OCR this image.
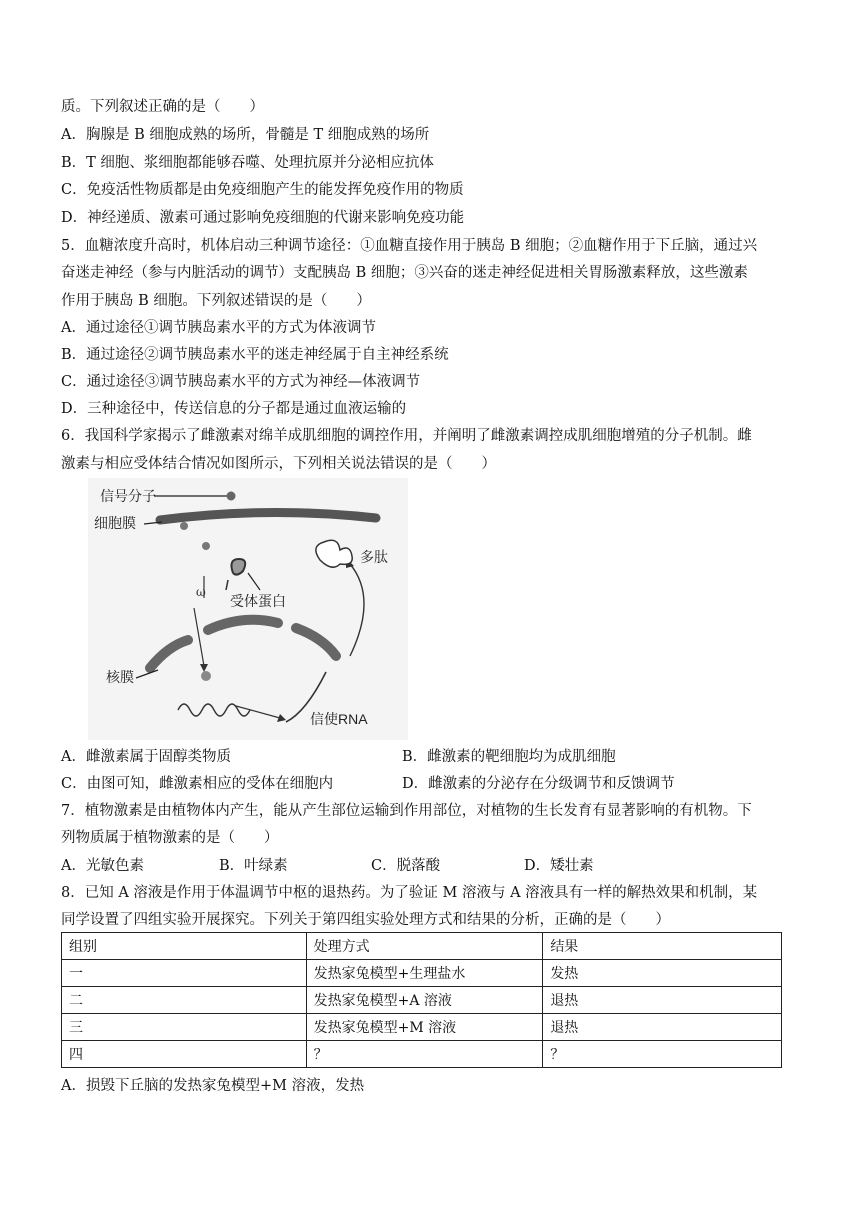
质。下列叙述正确的是（　　）
A．胸腺是 B 细胞成熟的场所，骨髓是 T 细胞成熟的场所
B．T 细胞、浆细胞都能够吞噬、处理抗原并分泌相应抗体
C．免疫活性物质都是由免疫细胞产生的能发挥免疫作用的物质
D．神经递质、激素可通过影响免疫细胞的代谢来影响免疫功能
5．血糖浓度升高时，机体启动三种调节途径：①血糖直接作用于胰岛 B 细胞；②血糖作用于下丘脑，通过兴
奋迷走神经（参与内脏活动的调节）支配胰岛 B 细胞；③兴奋的迷走神经促进相关胃肠激素释放，这些激素
作用于胰岛 B 细胞。下列叙述错误的是（　　）
A．通过途径①调节胰岛素水平的方式为体液调节
B．通过途径②调节胰岛素水平的迷走神经属于自主神经系统
C．通过途径③调节胰岛素水平的方式为神经—体液调节
D．三种途径中，传送信息的分子都是通过血液运输的
6．我国科学家揭示了雌激素对绵羊成肌细胞的调控作用，并阐明了雌激素调控成肌细胞增殖的分子机制。雌
激素与相应受体结合情况如图所示，下列相关说法错误的是（　　）
ω
信号分子
细胞膜
多肽
受体蛋白
核膜
信使RNA
A．雌激素属于固醇类物质	B．雌激素的靶细胞均为成肌细胞
C．由图可知，雌激素相应的受体在细胞内	D．雌激素的分泌存在分级调节和反馈调节
7．植物激素是由植物体内产生，能从产生部位运输到作用部位，对植物的生长发育有显著影响的有机物。下
列物质属于植物激素的是（　　）
A．光敏色素	B．叶绿素	C．脱落酸	D．矮壮素
8．已知 A 溶液是作用于体温调节中枢的退热药。为了验证 M 溶液与 A 溶液具有一样的解热效果和机制，某
同学设置了四组实验开展探究。下列关于第四组实验处理方式和结果的分析，正确的是（　　）
组别	处理方式	结果
一	发热家兔模型+生理盐水	发热
二	发热家兔模型+A 溶液	退热
三	发热家兔模型+M 溶液	退热
四	？	？
A．损毁下丘脑的发热家兔模型+M 溶液，发热
